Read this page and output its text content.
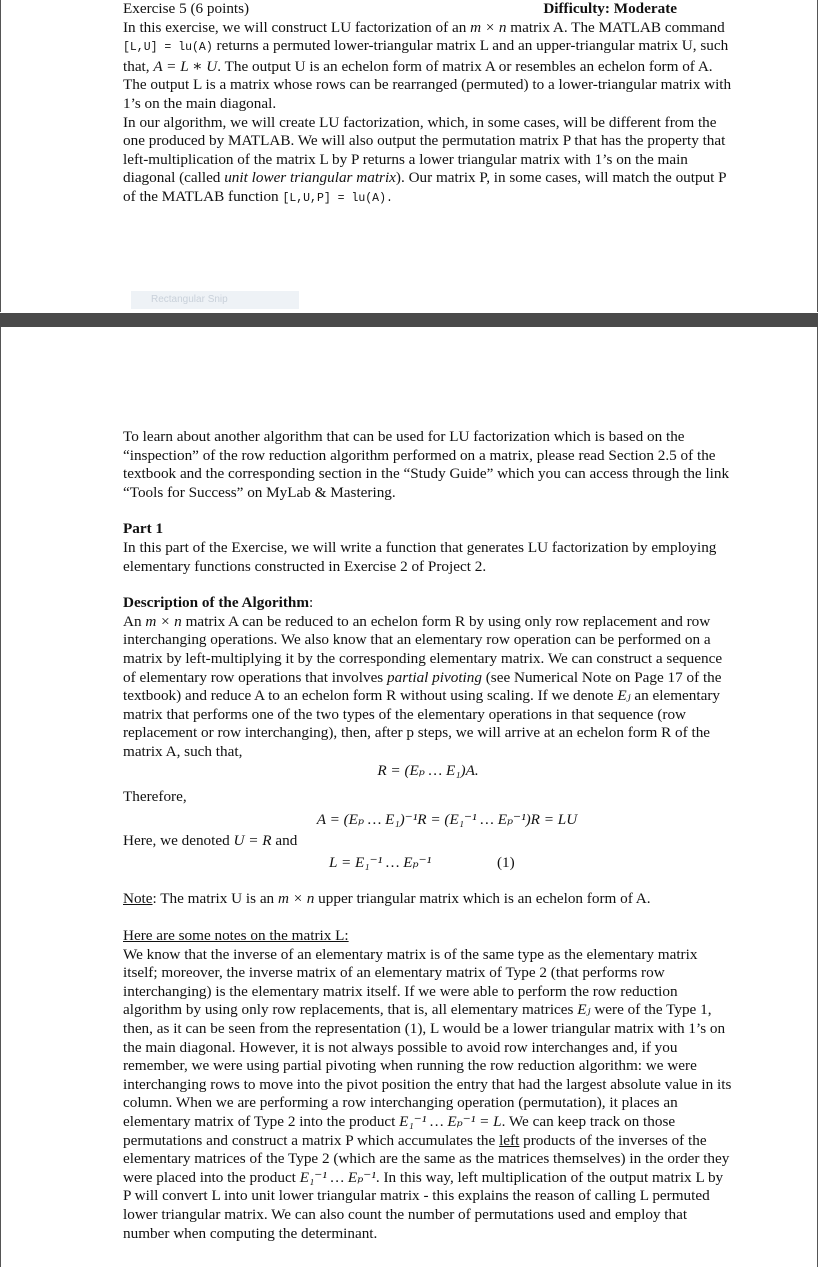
Exercise 5 (6 points)	Difficulty: Moderate

In this exercise, we will construct LU factorization of an m × n matrix A. The MATLAB command [L,U] = lu(A) returns a permuted lower-triangular matrix L and an upper-triangular matrix U, such that, A = L ∗ U. The output U is an echelon form of matrix A or resembles an echelon form of A. The output L is a matrix whose rows can be rearranged (permuted) to a lower-triangular matrix with 1’s on the main diagonal.

In our algorithm, we will create LU factorization, which, in some cases, will be different from the one produced by MATLAB. We will also output the permutation matrix P that has the property that left-multiplication of the matrix L by P returns a lower triangular matrix with 1’s on the main diagonal (called unit lower triangular matrix). Our matrix P, in some cases, will match the output P of the MATLAB function [L,U,P] = lu(A).

Rectangular Snip

To learn about another algorithm that can be used for LU factorization which is based on the “inspection” of the row reduction algorithm performed on a matrix, please read Section 2.5 of the textbook and the corresponding section in the “Study Guide” which you can access through the link “Tools for Success” on MyLab & Mastering.

Part 1

In this part of the Exercise, we will write a function that generates LU factorization by employing elementary functions constructed in Exercise 2 of Project 2.

Description of the Algorithm:

An m × n matrix A can be reduced to an echelon form R by using only row replacement and row interchanging operations. We also know that an elementary row operation can be performed on a matrix by left-multiplying it by the corresponding elementary matrix. We can construct a sequence of elementary row operations that involves partial pivoting (see Numerical Note on Page 17 of the textbook) and reduce A to an echelon form R without using scaling. If we denote Eⱼ an elementary matrix that performs one of the two types of the elementary operations in that sequence (row replacement or row interchanging), then, after p steps, we will arrive at an echelon form R of the matrix A, such that,

R = (Eₚ … E₁)A.

Therefore,

A = (Eₚ … E₁)⁻¹R = (E₁⁻¹ … Eₚ⁻¹)R = LU

Here, we denoted U = R and

L = E₁⁻¹ … Eₚ⁻¹	(1)

Note: The matrix U is an m × n upper triangular matrix which is an echelon form of A.

Here are some notes on the matrix L:

We know that the inverse of an elementary matrix is of the same type as the elementary matrix itself; moreover, the inverse matrix of an elementary matrix of Type 2 (that performs row interchanging) is the elementary matrix itself. If we were able to perform the row reduction algorithm by using only row replacements, that is, all elementary matrices Eⱼ were of the Type 1, then, as it can be seen from the representation (1), L would be a lower triangular matrix with 1’s on the main diagonal. However, it is not always possible to avoid row interchanges and, if you remember, we were using partial pivoting when running the row reduction algorithm: we were interchanging rows to move into the pivot position the entry that had the largest absolute value in its column. When we are performing a row interchanging operation (permutation), it places an elementary matrix of Type 2 into the product E₁⁻¹ … Eₚ⁻¹ = L. We can keep track on those permutations and construct a matrix P which accumulates the left products of the inverses of the elementary matrices of the Type 2 (which are the same as the matrices themselves) in the order they were placed into the product E₁⁻¹ … Eₚ⁻¹. In this way, left multiplication of the output matrix L by P will convert L into unit lower triangular matrix - this explains the reason of calling L permuted lower triangular matrix. We can also count the number of permutations used and employ that number when computing the determinant.
